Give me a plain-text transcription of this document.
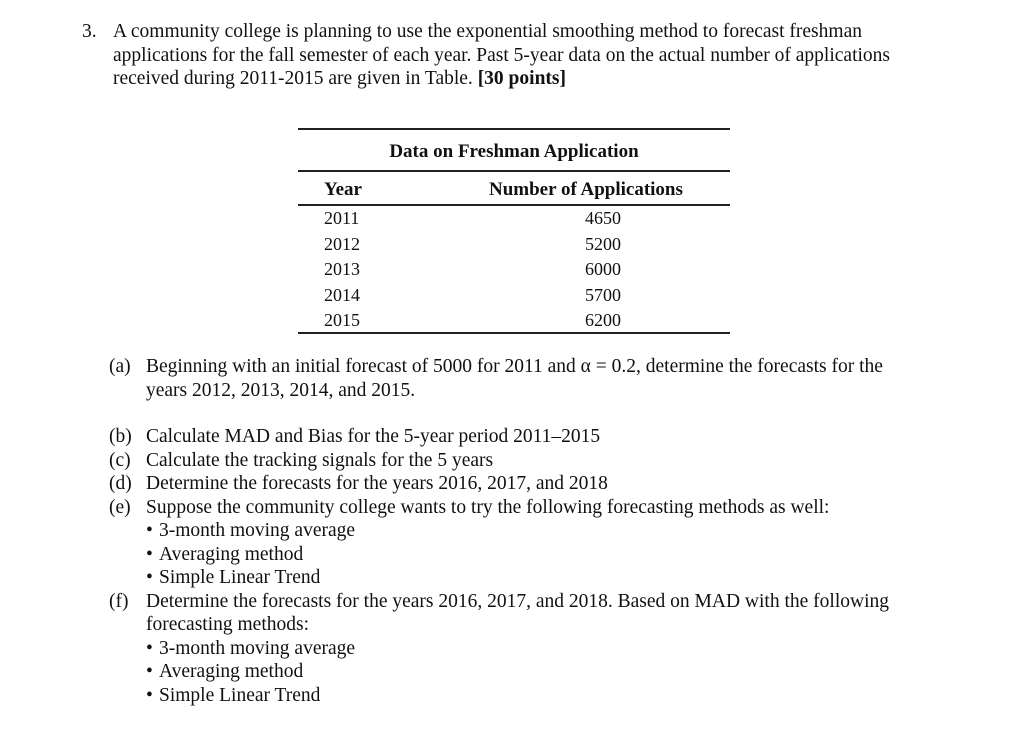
3. A community college is planning to use the exponential smoothing method to forecast freshman
applications for the fall semester of each year. Past 5-year data on the actual number of applications
received during 2011-2015 are given in Table. [30 points]
Data on Freshman Application
Year	Number of Applications
2011	4650
2012	5200
2013	6000
2014	5700
2015	6200
(a) Beginning with an initial forecast of 5000 for 2011 and α = 0.2, determine the forecasts for the
years 2012, 2013, 2014, and 2015.
(b) Calculate MAD and Bias for the 5-year period 2011–2015
(c) Calculate the tracking signals for the 5 years
(d) Determine the forecasts for the years 2016, 2017, and 2018
(e) Suppose the community college wants to try the following forecasting methods as well:
• 3-month moving average
• Averaging method
• Simple Linear Trend
(f) Determine the forecasts for the years 2016, 2017, and 2018. Based on MAD with the following
forecasting methods:
• 3-month moving average
• Averaging method
• Simple Linear Trend
